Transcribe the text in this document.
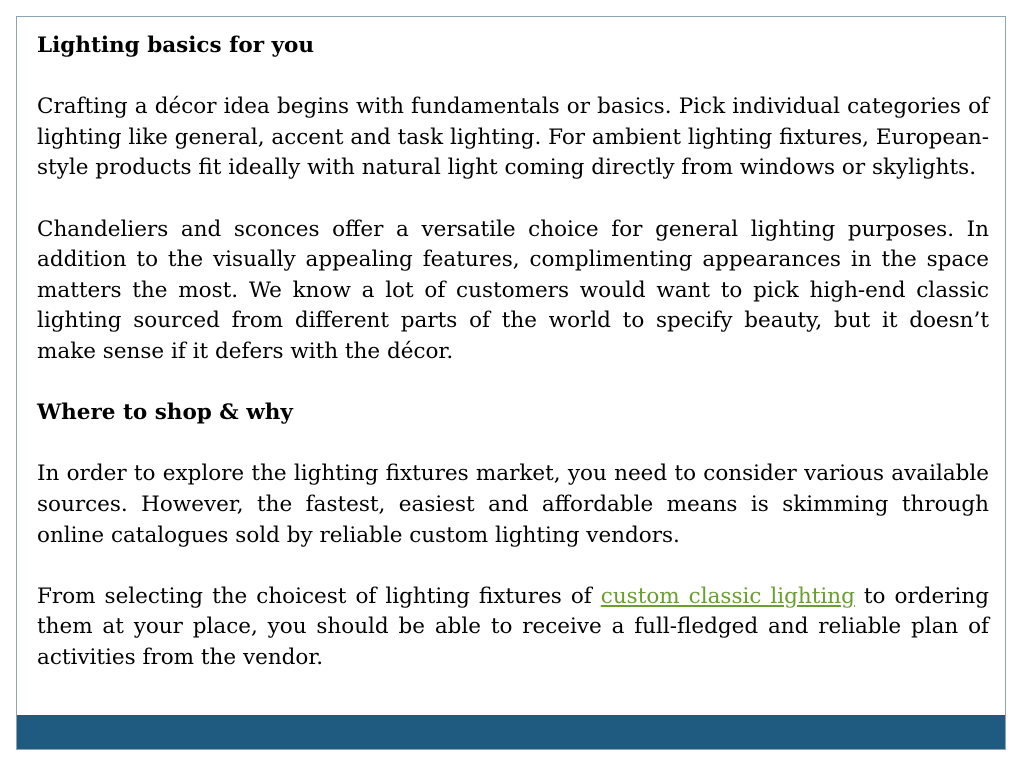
Lighting basics for you

Crafting a décor idea begins with fundamentals or basics. Pick individual categories of lighting like general, accent and task lighting. For ambient lighting fixtures, European-style products fit ideally with natural light coming directly from windows or skylights.

Chandeliers and sconces offer a versatile choice for general lighting purposes. In addition to the visually appealing features, complimenting appearances in the space matters the most. We know a lot of customers would want to pick high-end classic lighting sourced from different parts of the world to specify beauty, but it doesn’t make sense if it defers with the décor.

Where to shop & why

In order to explore the lighting fixtures market, you need to consider various available sources. However, the fastest, easiest and affordable means is skimming through online catalogues sold by reliable custom lighting vendors.

From selecting the choicest of lighting fixtures of custom classic lighting to ordering them at your place, you should be able to receive a full-fledged and reliable plan of activities from the vendor.
